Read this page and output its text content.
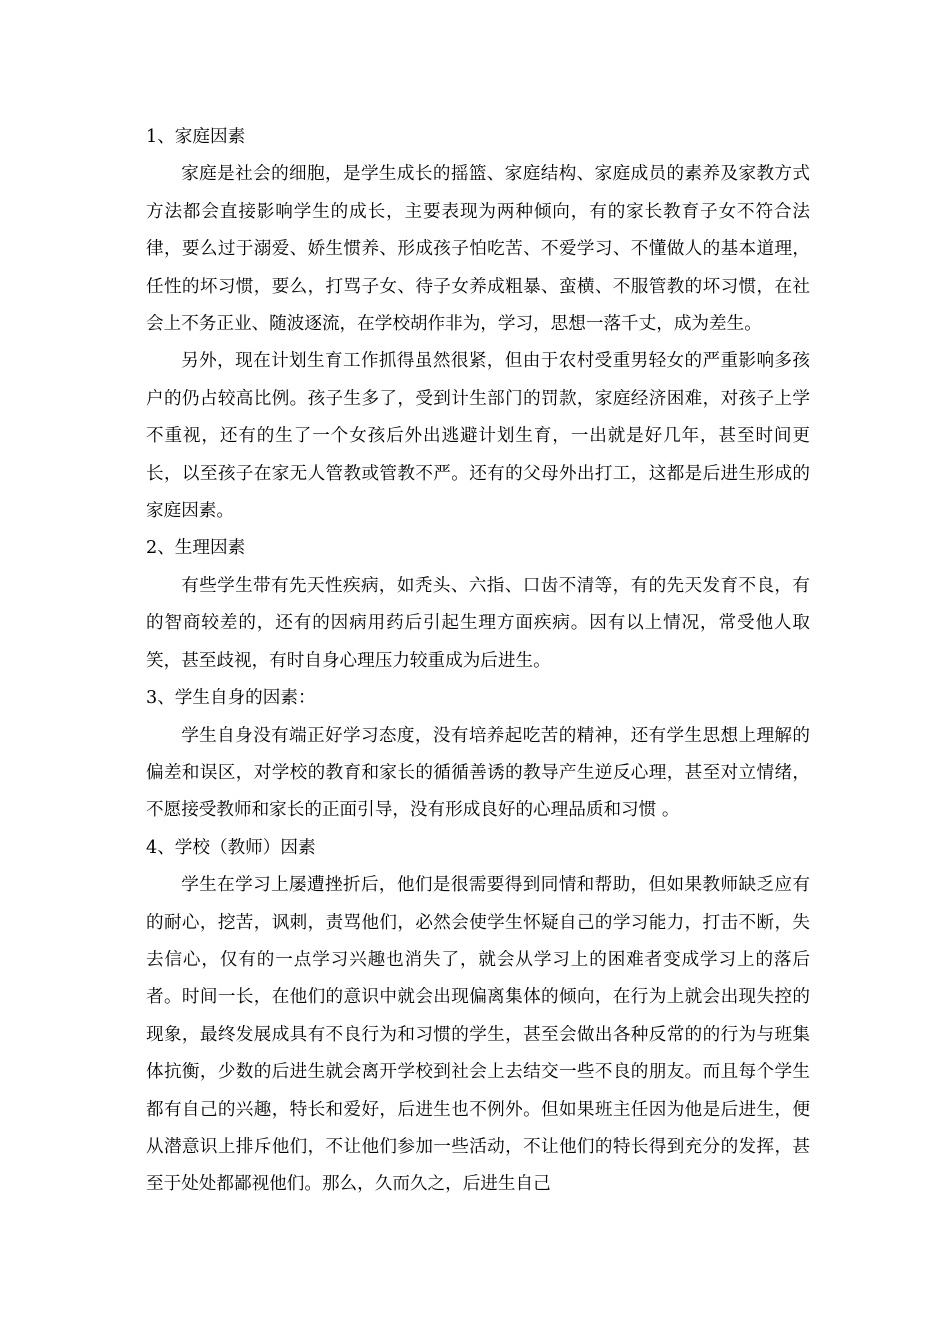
1、家庭因素

家庭是社会的细胞，是学生成长的摇篮、家庭结构、家庭成员的素养及家教方式方法都会直接影响学生的成长，主要表现为两种倾向，有的家长教育子女不符合法律，要么过于溺爱、娇生惯养、形成孩子怕吃苦、不爱学习、不懂做人的基本道理，任性的坏习惯，要么，打骂子女、待子女养成粗暴、蛮横、不服管教的坏习惯，在社会上不务正业、随波逐流，在学校胡作非为，学习，思想一落千丈，成为差生。

另外，现在计划生育工作抓得虽然很紧，但由于农村受重男轻女的严重影响多孩户的仍占较高比例。孩子生多了，受到计生部门的罚款，家庭经济困难，对孩子上学不重视，还有的生了一个女孩后外出逃避计划生育，一出就是好几年，甚至时间更长，以至孩子在家无人管教或管教不严。还有的父母外出打工，这都是后进生形成的家庭因素。

2、生理因素

有些学生带有先天性疾病，如秃头、六指、口齿不清等，有的先天发育不良，有的智商较差的，还有的因病用药后引起生理方面疾病。因有以上情况，常受他人取笑，甚至歧视，有时自身心理压力较重成为后进生。

3、学生自身的因素：

学生自身没有端正好学习态度，没有培养起吃苦的精神，还有学生思想上理解的偏差和误区，对学校的教育和家长的循循善诱的教导产生逆反心理，甚至对立情绪，不愿接受教师和家长的正面引导，没有形成良好的心理品质和习惯 。

4、学校（教师）因素

学生在学习上屡遭挫折后，他们是很需要得到同情和帮助，但如果教师缺乏应有的耐心，挖苦，讽刺，责骂他们，必然会使学生怀疑自己的学习能力，打击不断，失去信心，仅有的一点学习兴趣也消失了，就会从学习上的困难者变成学习上的落后者。时间一长，在他们的意识中就会出现偏离集体的倾向，在行为上就会出现失控的现象，最终发展成具有不良行为和习惯的学生，甚至会做出各种反常的的行为与班集体抗衡，少数的后进生就会离开学校到社会上去结交一些不良的朋友。而且每个学生都有自己的兴趣，特长和爱好，后进生也不例外。但如果班主任因为他是后进生，便从潜意识上排斥他们，不让他们参加一些活动，不让他们的特长得到充分的发挥，甚至于处处都鄙视他们。那么，久而久之，后进生自己
